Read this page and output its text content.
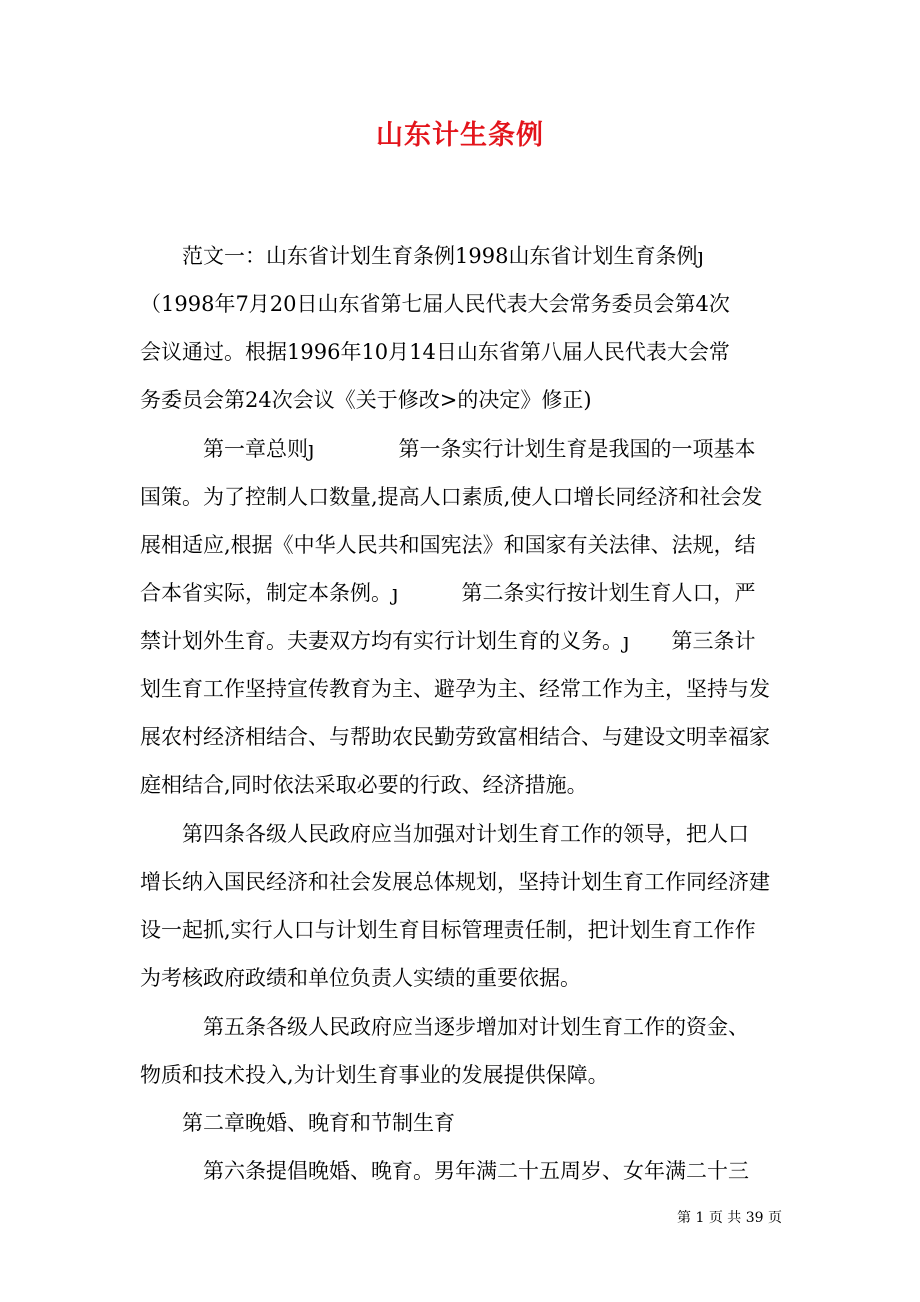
山东计生条例
　　范文一：山东省计划生育条例1998山东省计划生育条例ȷ
（1998年7月20日山东省第七届人民代表大会常务委员会第4次
会议通过。根据1996年10月14日山东省第八届人民代表大会常
务委员会第24次会议《关于修改>的决定》修正)
　　　第一章总则ȷ　　　　第一条实行计划生育是我国的一项基本
国策。为了控制人口数量,提高人口素质,使人口增长同经济和社会发
展相适应,根据《中华人民共和国宪法》和国家有关法律、法规，结
合本省实际，制定本条例。ȷ　　　第二条实行按计划生育人口，严
禁计划外生育。夫妻双方均有实行计划生育的义务。ȷ　　第三条计
划生育工作坚持宣传教育为主、避孕为主、经常工作为主，坚持与发
展农村经济相结合、与帮助农民勤劳致富相结合、与建设文明幸福家
庭相结合,同时依法采取必要的行政、经济措施。
　　第四条各级人民政府应当加强对计划生育工作的领导，把人口
增长纳入国民经济和社会发展总体规划，坚持计划生育工作同经济建
设一起抓,实行人口与计划生育目标管理责任制，把计划生育工作作
为考核政府政绩和单位负责人实绩的重要依据。
　　　第五条各级人民政府应当逐步增加对计划生育工作的资金、
物质和技术投入,为计划生育事业的发展提供保障。
　　第二章晚婚、晚育和节制生育
　　　第六条提倡晚婚、晚育。男年满二十五周岁、女年满二十三
第 1 页 共 39 页
